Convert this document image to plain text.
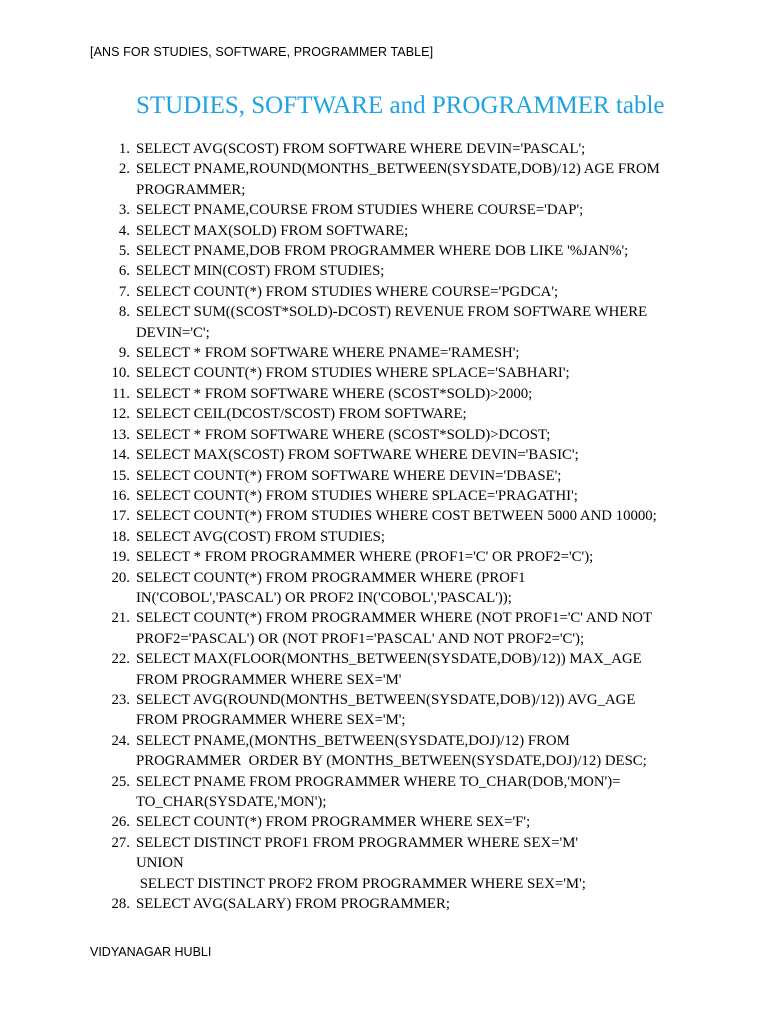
[ANS FOR STUDIES, SOFTWARE, PROGRAMMER TABLE]
STUDIES, SOFTWARE and PROGRAMMER table
1. SELECT AVG(SCOST) FROM SOFTWARE WHERE DEVIN='PASCAL';
2. SELECT PNAME,ROUND(MONTHS_BETWEEN(SYSDATE,DOB)/12) AGE FROM
PROGRAMMER;
3. SELECT PNAME,COURSE FROM STUDIES WHERE COURSE='DAP';
4. SELECT MAX(SOLD) FROM SOFTWARE;
5. SELECT PNAME,DOB FROM PROGRAMMER WHERE DOB LIKE '%JAN%';
6. SELECT MIN(COST) FROM STUDIES;
7. SELECT COUNT(*) FROM STUDIES WHERE COURSE='PGDCA';
8. SELECT SUM((SCOST*SOLD)-DCOST) REVENUE FROM SOFTWARE WHERE
DEVIN='C';
9. SELECT * FROM SOFTWARE WHERE PNAME='RAMESH';
10. SELECT COUNT(*) FROM STUDIES WHERE SPLACE='SABHARI';
11. SELECT * FROM SOFTWARE WHERE (SCOST*SOLD)>2000;
12. SELECT CEIL(DCOST/SCOST) FROM SOFTWARE;
13. SELECT * FROM SOFTWARE WHERE (SCOST*SOLD)>DCOST;
14. SELECT MAX(SCOST) FROM SOFTWARE WHERE DEVIN='BASIC';
15. SELECT COUNT(*) FROM SOFTWARE WHERE DEVIN='DBASE';
16. SELECT COUNT(*) FROM STUDIES WHERE SPLACE='PRAGATHI';
17. SELECT COUNT(*) FROM STUDIES WHERE COST BETWEEN 5000 AND 10000;
18. SELECT AVG(COST) FROM STUDIES;
19. SELECT * FROM PROGRAMMER WHERE (PROF1='C' OR PROF2='C');
20. SELECT COUNT(*) FROM PROGRAMMER WHERE (PROF1
IN('COBOL','PASCAL') OR PROF2 IN('COBOL','PASCAL'));
21. SELECT COUNT(*) FROM PROGRAMMER WHERE (NOT PROF1='C' AND NOT
PROF2='PASCAL') OR (NOT PROF1='PASCAL' AND NOT PROF2='C');
22. SELECT MAX(FLOOR(MONTHS_BETWEEN(SYSDATE,DOB)/12)) MAX_AGE
FROM PROGRAMMER WHERE SEX='M'
23. SELECT AVG(ROUND(MONTHS_BETWEEN(SYSDATE,DOB)/12)) AVG_AGE
FROM PROGRAMMER WHERE SEX='M';
24. SELECT PNAME,(MONTHS_BETWEEN(SYSDATE,DOJ)/12) FROM
PROGRAMMER  ORDER BY (MONTHS_BETWEEN(SYSDATE,DOJ)/12) DESC;
25. SELECT PNAME FROM PROGRAMMER WHERE TO_CHAR(DOB,'MON')=
TO_CHAR(SYSDATE,'MON');
26. SELECT COUNT(*) FROM PROGRAMMER WHERE SEX='F';
27. SELECT DISTINCT PROF1 FROM PROGRAMMER WHERE SEX='M'
UNION
SELECT DISTINCT PROF2 FROM PROGRAMMER WHERE SEX='M';
28. SELECT AVG(SALARY) FROM PROGRAMMER;
VIDYANAGAR HUBLI
